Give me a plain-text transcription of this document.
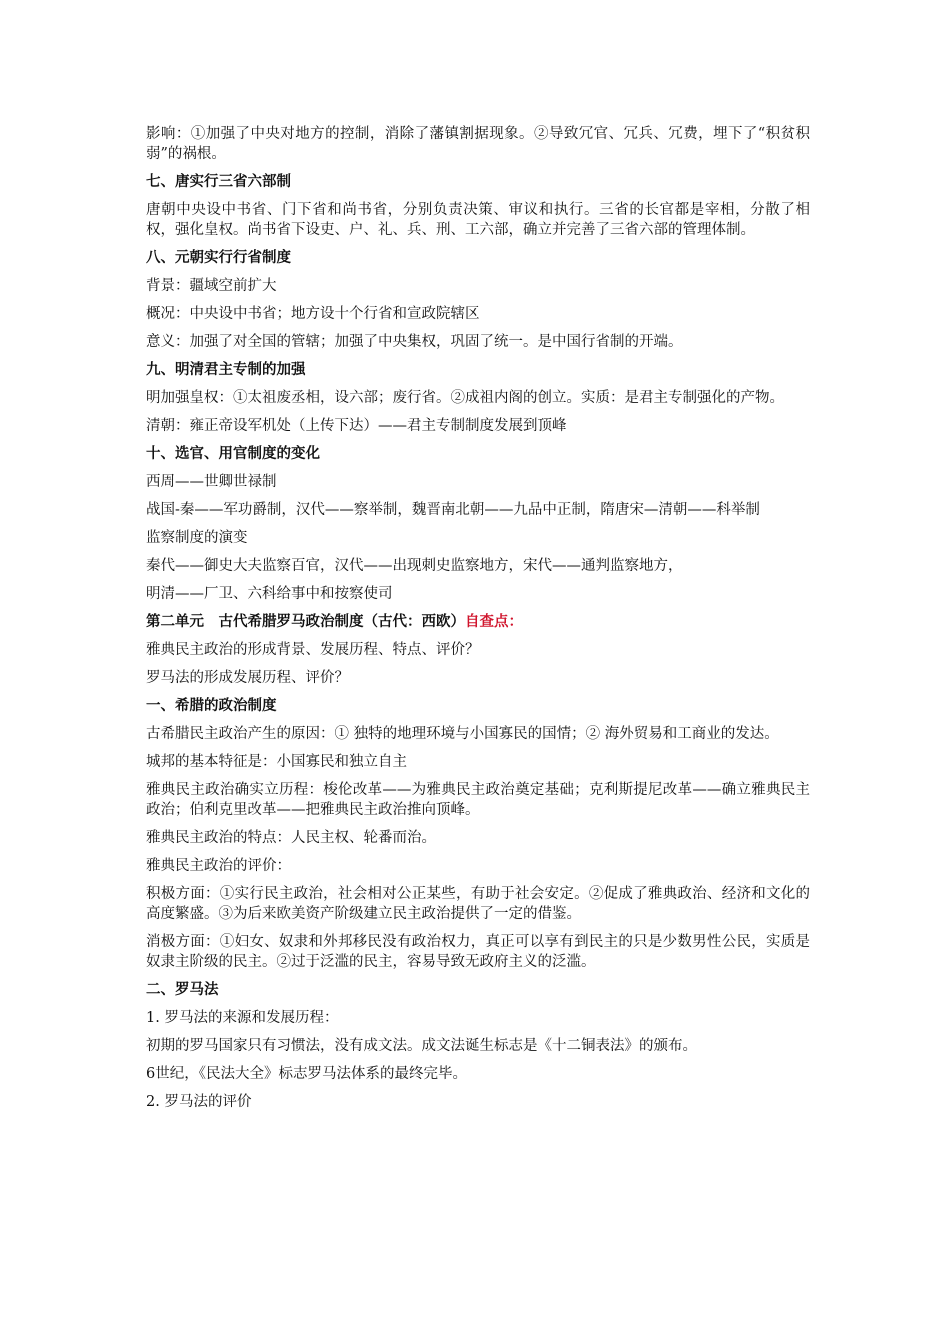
影响：①加强了中央对地方的控制，消除了藩镇割据现象。②导致冗官、冗兵、冗费，埋下了“积贫积弱”的祸根。

七、唐实行三省六部制

唐朝中央设中书省、门下省和尚书省，分别负责决策、审议和执行。三省的长官都是宰相，分散了相权，强化皇权。尚书省下设吏、户、礼、兵、刑、工六部，确立并完善了三省六部的管理体制。

八、元朝实行行省制度

背景：疆域空前扩大

概况：中央设中书省；地方设十个行省和宣政院辖区

意义：加强了对全国的管辖；加强了中央集权，巩固了统一。是中国行省制的开端。

九、明清君主专制的加强

明加强皇权：①太祖废丞相，设六部；废行省。②成祖内阁的创立。实质：是君主专制强化的产物。

清朝：雍正帝设军机处（上传下达）——君主专制制度发展到顶峰

十、选官、用官制度的变化

西周——世卿世禄制

战国-秦——军功爵制，汉代——察举制，魏晋南北朝——九品中正制，隋唐宋—清朝——科举制

监察制度的演变

秦代——御史大夫监察百官，汉代——出现刺史监察地方，宋代——通判监察地方，

明清——厂卫、六科给事中和按察使司

第二单元　古代希腊罗马政治制度（古代：西欧）自查点：

雅典民主政治的形成背景、发展历程、特点、评价？

罗马法的形成发展历程、评价？

一、希腊的政治制度

古希腊民主政治产生的原因：① 独特的地理环境与小国寡民的国情；② 海外贸易和工商业的发达。

城邦的基本特征是：小国寡民和独立自主

雅典民主政治确实立历程：梭伦改革——为雅典民主政治奠定基础；克利斯提尼改革——确立雅典民主政治；伯利克里改革——把雅典民主政治推向顶峰。

雅典民主政治的特点：人民主权、轮番而治。

雅典民主政治的评价：

积极方面：①实行民主政治，社会相对公正某些，有助于社会安定。②促成了雅典政治、经济和文化的高度繁盛。③为后来欧美资产阶级建立民主政治提供了一定的借鉴。

消极方面：①妇女、奴隶和外邦移民没有政治权力，真正可以享有到民主的只是少数男性公民，实质是奴隶主阶级的民主。②过于泛滥的民主，容易导致无政府主义的泛滥。

二、罗马法

1. 罗马法的来源和发展历程：

初期的罗马国家只有习惯法，没有成文法。成文法诞生标志是《十二铜表法》的颁布。

6世纪，《民法大全》标志罗马法体系的最终完毕。

2. 罗马法的评价
